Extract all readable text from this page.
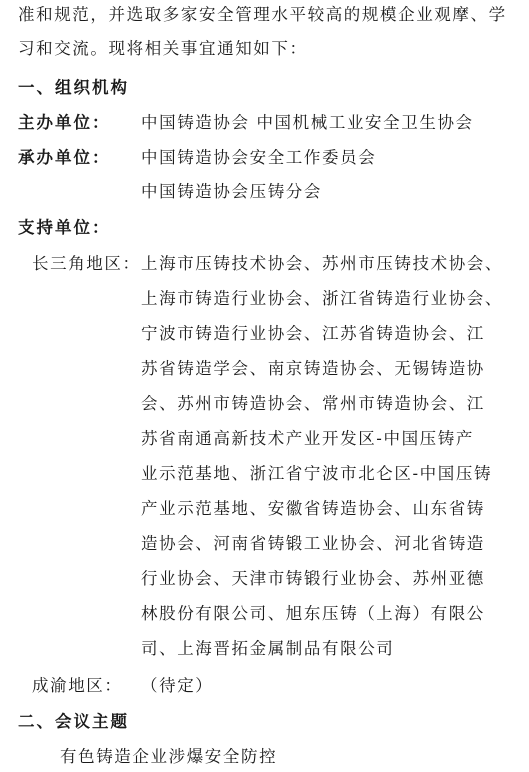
准和规范，并选取多家安全管理水平较高的规模企业观摩、学
习和交流。现将相关事宜通知如下：
一、组织机构
主办单位： 中国铸造协会 中国机械工业安全卫生协会
承办单位： 中国铸造协会安全工作委员会
中国铸造协会压铸分会
支持单位：
长三角地区： 上海市压铸技术协会、苏州市压铸技术协会、
上海市铸造行业协会、浙江省铸造行业协会、
宁波市铸造行业协会、江苏省铸造协会、江
苏省铸造学会、南京铸造协会、无锡铸造协
会、苏州市铸造协会、常州市铸造协会、江
苏省南通高新技术产业开发区-中国压铸产
业示范基地、浙江省宁波市北仑区-中国压铸
产业示范基地、安徽省铸造协会、山东省铸
造协会、河南省铸锻工业协会、河北省铸造
行业协会、天津市铸锻行业协会、苏州亚德
林股份有限公司、旭东压铸（上海）有限公
司、上海晋拓金属制品有限公司
成渝地区： （待定）
二、会议主题
有色铸造企业涉爆安全防控
